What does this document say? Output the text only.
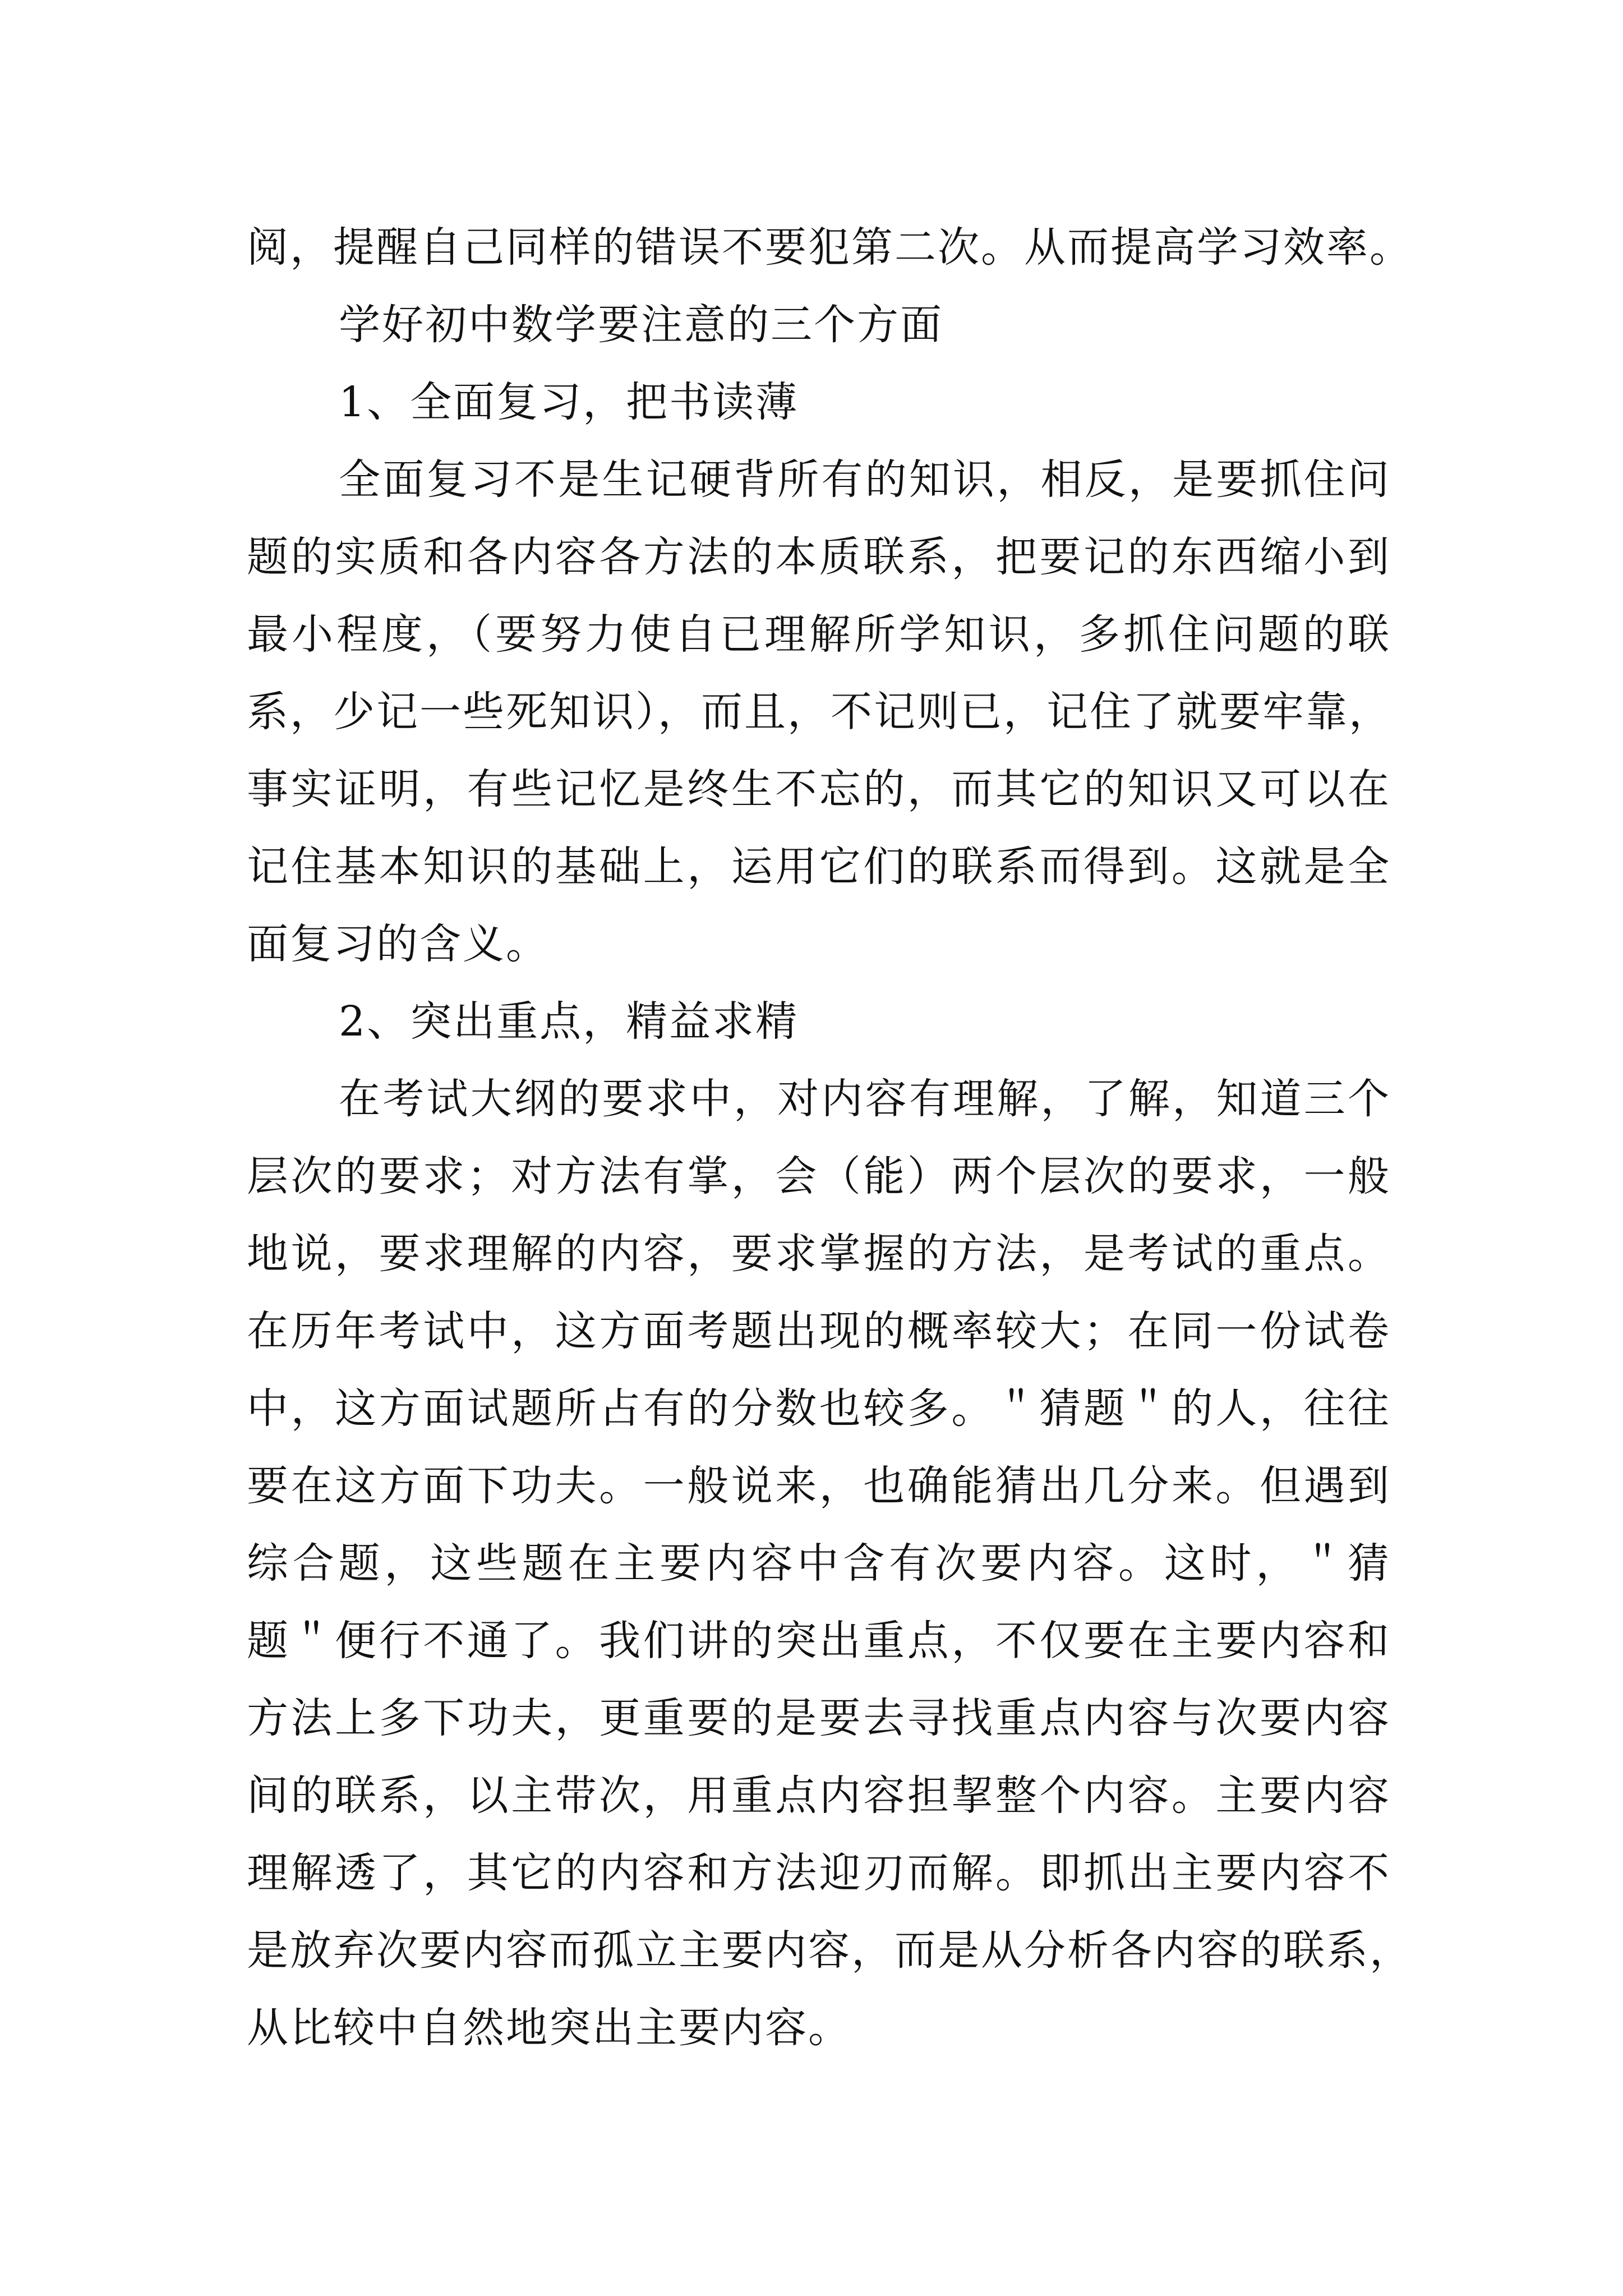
阅，提醒自己同样的错误不要犯第二次。从而提高学习效率。
学好初中数学要注意的三个方面
1、全面复习，把书读薄
全面复习不是生记硬背所有的知识，相反，是要抓住问
题的实质和各内容各方法的本质联系，把要记的东西缩小到
最小程度，（要努力使自已理解所学知识，多抓住问题的联
系，少记一些死知识），而且，不记则已，记住了就要牢靠，
事实证明，有些记忆是终生不忘的，而其它的知识又可以在
记住基本知识的基础上，运用它们的联系而得到。这就是全
面复习的含义。
2、突出重点，精益求精
在考试大纲的要求中，对内容有理解，了解，知道三个
层次的要求；对方法有掌，会（能）两个层次的要求，一般
地说，要求理解的内容，要求掌握的方法，是考试的重点。
在历年考试中，这方面考题出现的概率较大；在同一份试卷
中，这方面试题所占有的分数也较多。＂猜题＂的人，往往
要在这方面下功夫。一般说来，也确能猜出几分来。但遇到
综合题，这些题在主要内容中含有次要内容。这时，＂猜
题＂便行不通了。我们讲的突出重点，不仅要在主要内容和
方法上多下功夫，更重要的是要去寻找重点内容与次要内容
间的联系，以主带次，用重点内容担挈整个内容。主要内容
理解透了，其它的内容和方法迎刃而解。即抓出主要内容不
是放弃次要内容而孤立主要内容，而是从分析各内容的联系，
从比较中自然地突出主要内容。
